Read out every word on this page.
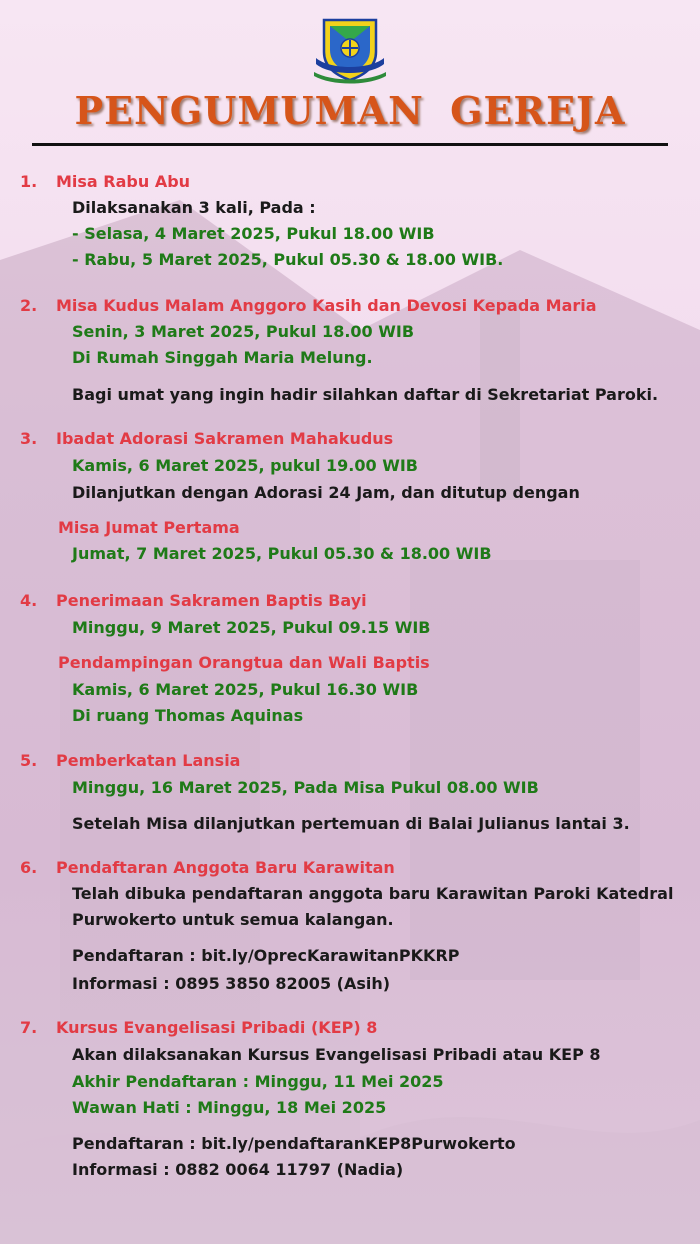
PENGUMUMAN GEREJA
1. Misa Rabu Abu
Dilaksanakan 3 kali, Pada :
- Selasa, 4 Maret 2025, Pukul 18.00 WIB
- Rabu, 5 Maret 2025, Pukul 05.30 & 18.00 WIB.
2. Misa Kudus Malam Anggoro Kasih dan Devosi Kepada Maria
Senin, 3 Maret 2025, Pukul 18.00 WIB
Di Rumah Singgah Maria Melung.
Bagi umat yang ingin hadir silahkan daftar di Sekretariat Paroki.
3. Ibadat Adorasi Sakramen Mahakudus
Kamis, 6 Maret 2025, pukul 19.00 WIB
Dilanjutkan dengan Adorasi 24 Jam, dan ditutup dengan
Misa Jumat Pertama
Jumat, 7 Maret 2025, Pukul 05.30 & 18.00 WIB
4. Penerimaan Sakramen Baptis Bayi
Minggu, 9 Maret 2025, Pukul 09.15 WIB
Pendampingan Orangtua dan Wali Baptis
Kamis, 6 Maret 2025, Pukul 16.30 WIB
Di ruang Thomas Aquinas
5. Pemberkatan Lansia
Minggu, 16 Maret 2025, Pada Misa Pukul 08.00 WIB
Setelah Misa dilanjutkan pertemuan di Balai Julianus lantai 3.
6. Pendaftaran Anggota Baru Karawitan
Telah dibuka pendaftaran anggota baru Karawitan Paroki Katedral
Purwokerto untuk semua kalangan.
Pendaftaran : bit.ly/OprecKarawitanPKKRP
Informasi : 0895 3850 82005 (Asih)
7. Kursus Evangelisasi Pribadi (KEP) 8
Akan dilaksanakan Kursus Evangelisasi Pribadi atau KEP 8
Akhir Pendaftaran : Minggu, 11 Mei 2025
Wawan Hati : Minggu, 18 Mei 2025
Pendaftaran : bit.ly/pendaftaranKEP8Purwokerto
Informasi : 0882 0064 11797 (Nadia)
